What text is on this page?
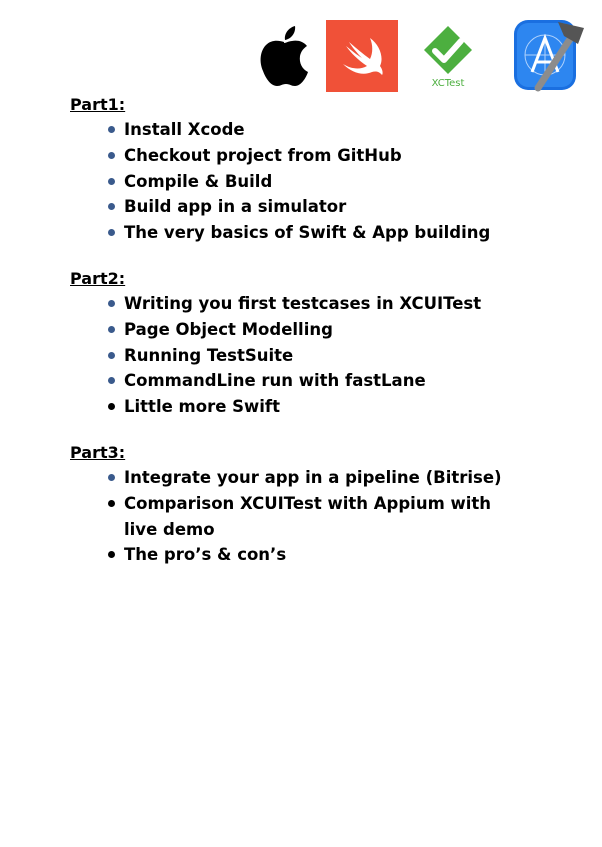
XCTest
Part1:
Install Xcode
Checkout project from GitHub
Compile & Build
Build app in a simulator
The very basics of Swift & App building
Part2:
Writing you first testcases in XCUITest
Page Object Modelling
Running TestSuite
CommandLine run with fastLane
Little more Swift
Part3:
Integrate your app in a pipeline (Bitrise)
Comparison XCUITest with Appium with live demo
The pro’s & con’s
